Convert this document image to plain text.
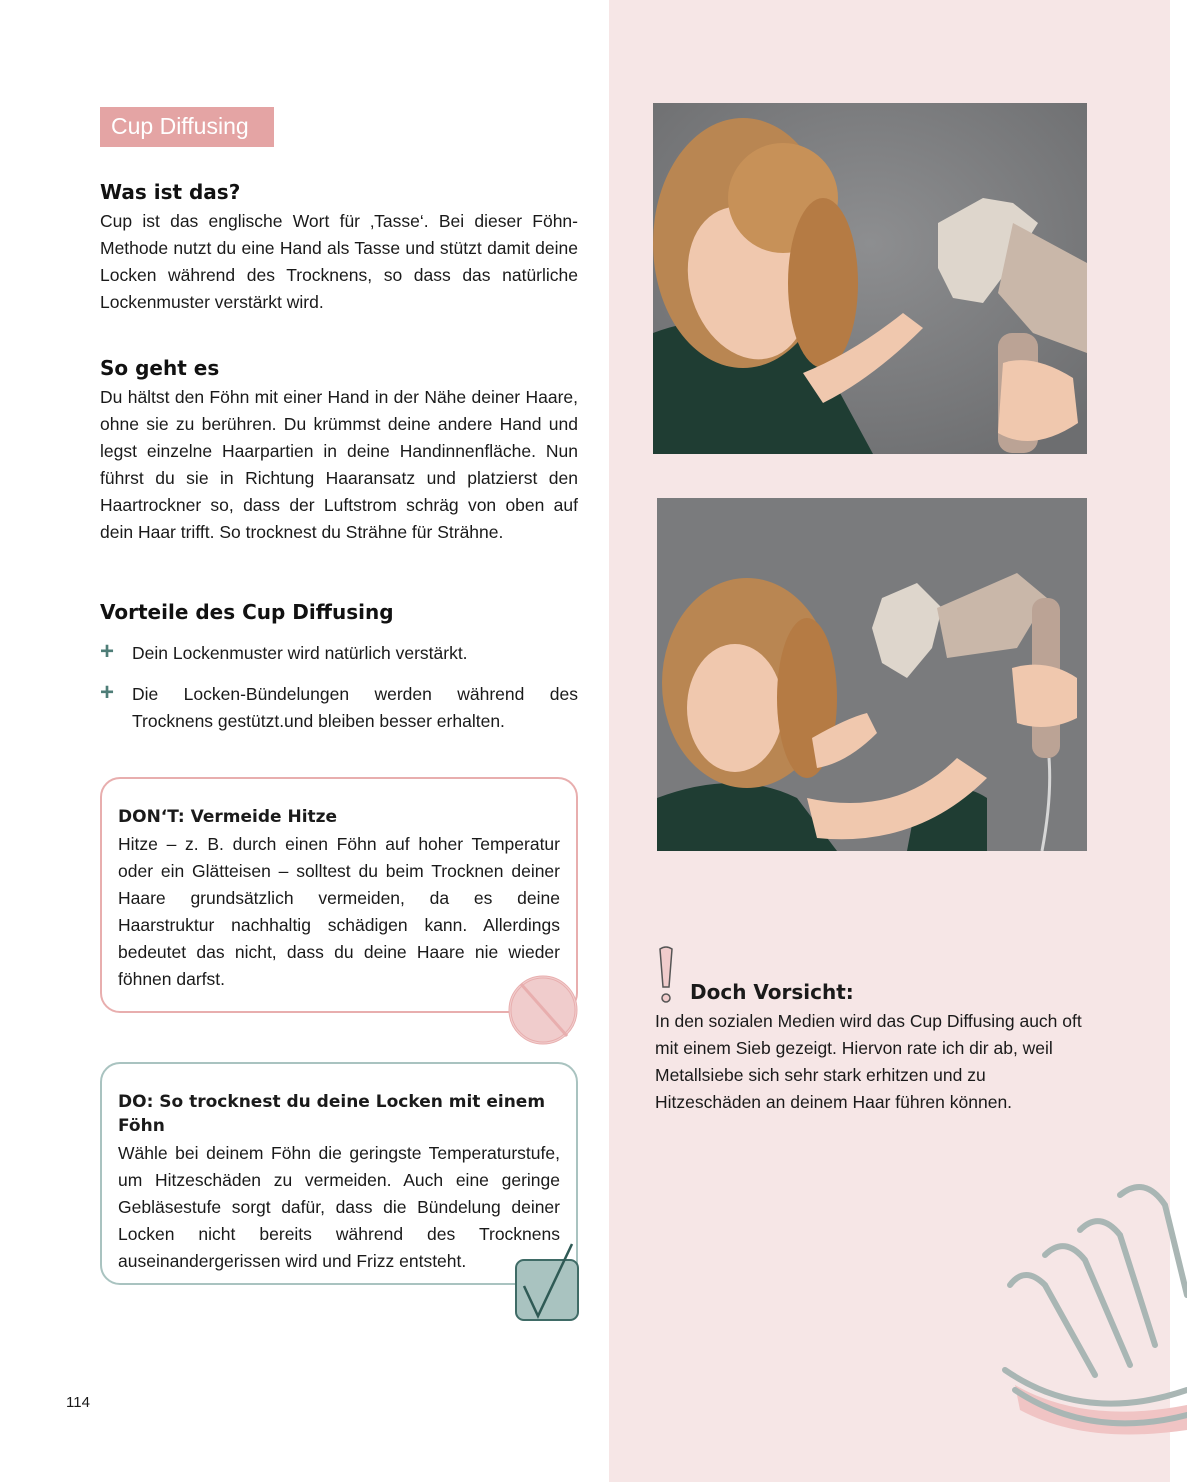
Cup Diffusing
Was ist das?
Cup ist das englische Wort für ‚Tasse‘. Bei dieser Föhn-Methode nutzt du eine Hand als Tasse und stützt damit deine Locken während des Trocknens, so dass das natürliche Lockenmuster verstärkt wird.
So geht es
Du hältst den Föhn mit einer Hand in der Nähe deiner Haare, ohne sie zu berühren. Du krümmst deine andere Hand und legst einzelne Haarpartien in deine Handinnenfläche. Nun führst du sie in Richtung Haaransatz und platzierst den Haartrockner so, dass der Luftstrom schräg von oben auf dein Haar trifft. So trocknest du Strähne für Strähne.
Vorteile des Cup Diffusing
+ Dein Lockenmuster wird natürlich verstärkt.
+ Die Locken-Bündelungen werden während des Trocknens gestützt.und bleiben besser erhalten.
DON‘T: Vermeide Hitze
Hitze – z. B. durch einen Föhn auf hoher Temperatur oder ein Glätteisen – solltest du beim Trocknen deiner Haare grundsätzlich vermeiden, da es deine Haarstruktur nachhaltig schädigen kann. Allerdings bedeutet das nicht, dass du deine Haare nie wieder föhnen darfst.
DO: So trocknest du deine Locken mit einem Föhn
Wähle bei deinem Föhn die geringste Temperaturstufe, um Hitzeschäden zu vermeiden. Auch eine geringe Gebläsestufe sorgt dafür, dass die Bündelung deiner Locken nicht bereits während des Trocknens auseinandergerissen wird und Frizz entsteht.
114
Doch Vorsicht:
In den sozialen Medien wird das Cup Diffusing auch oft mit einem Sieb gezeigt. Hiervon rate ich dir ab, weil Metallsiebe sich sehr stark erhitzen und zu Hitzeschäden an deinem Haar führen können.
